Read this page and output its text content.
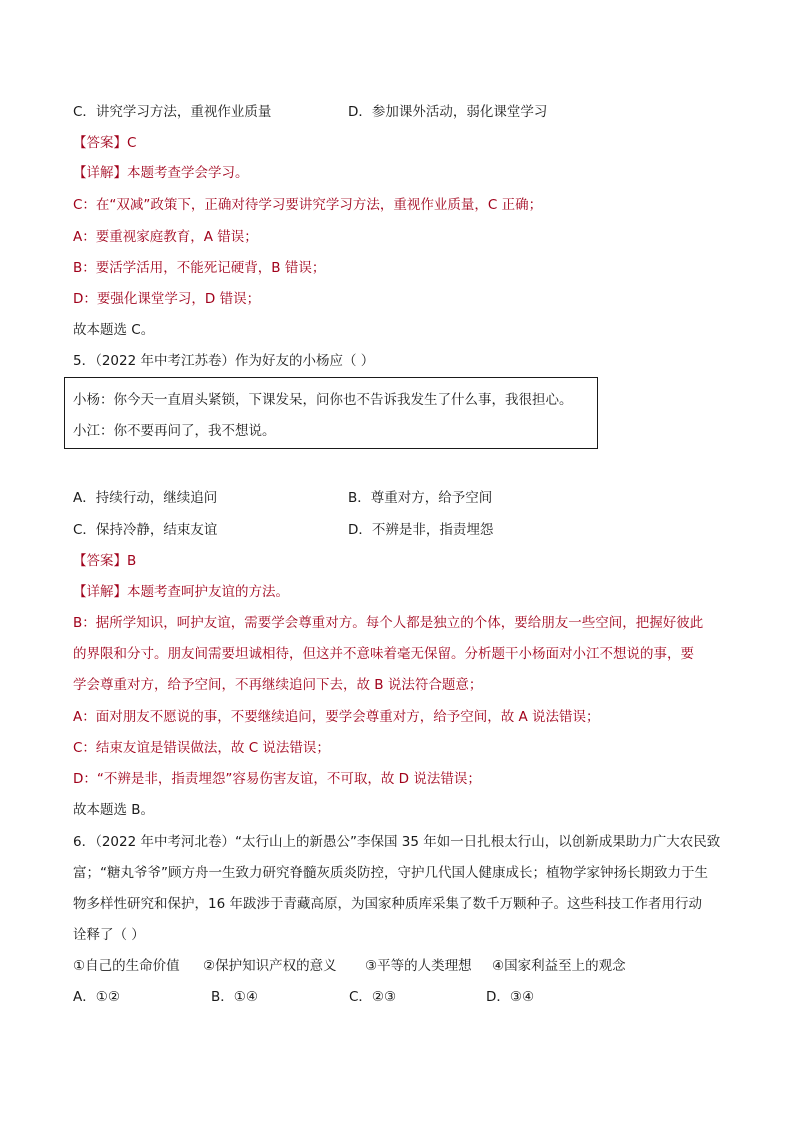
C．讲究学习方法，重视作业质量	D．参加课外活动，弱化课堂学习
【答案】C
【详解】本题考查学会学习。
C：在“双减”政策下，正确对待学习要讲究学习方法，重视作业质量，C 正确；
A：要重视家庭教育，A 错误；
B：要活学活用，不能死记硬背，B 错误；
D：要强化课堂学习，D 错误；
故本题选 C。
5．（2022 年中考江苏卷）作为好友的小杨应（ ）
小杨：你今天一直眉头紧锁，下课发呆，问你也不告诉我发生了什么事，我很担心。
小江：你不要再问了，我不想说。
A．持续行动，继续追问	B．尊重对方，给予空间
C．保持冷静，结束友谊	D．不辨是非，指责埋怨
【答案】B
【详解】本题考查呵护友谊的方法。
B：据所学知识，呵护友谊，需要学会尊重对方。每个人都是独立的个体，要给朋友一些空间，把握好彼此
的界限和分寸。朋友间需要坦诚相待，但这并不意味着毫无保留。分析题干小杨面对小江不想说的事，要
学会尊重对方，给予空间，不再继续追问下去，故 B 说法符合题意；
A：面对朋友不愿说的事，不要继续追问，要学会尊重对方，给予空间，故 A 说法错误；
C：结束友谊是错误做法，故 C 说法错误；
D：“不辨是非，指责埋怨”容易伤害友谊，不可取，故 D 说法错误；
故本题选 B。
6．（2022 年中考河北卷）“太行山上的新愚公”李保国 35 年如一日扎根太行山，以创新成果助力广大农民致
富；“糖丸爷爷”顾方舟一生致力研究脊髓灰质炎防控，守护几代国人健康成长；植物学家钟扬长期致力于生
物多样性研究和保护，16 年跋涉于青藏高原，为国家种质库采集了数千万颗种子。这些科技工作者用行动
诠释了（ ）
①自己的生命价值 ②保护知识产权的意义 ③平等的人类理想 ④国家利益至上的观念
A．①②	B．①④	C．②③	D．③④
